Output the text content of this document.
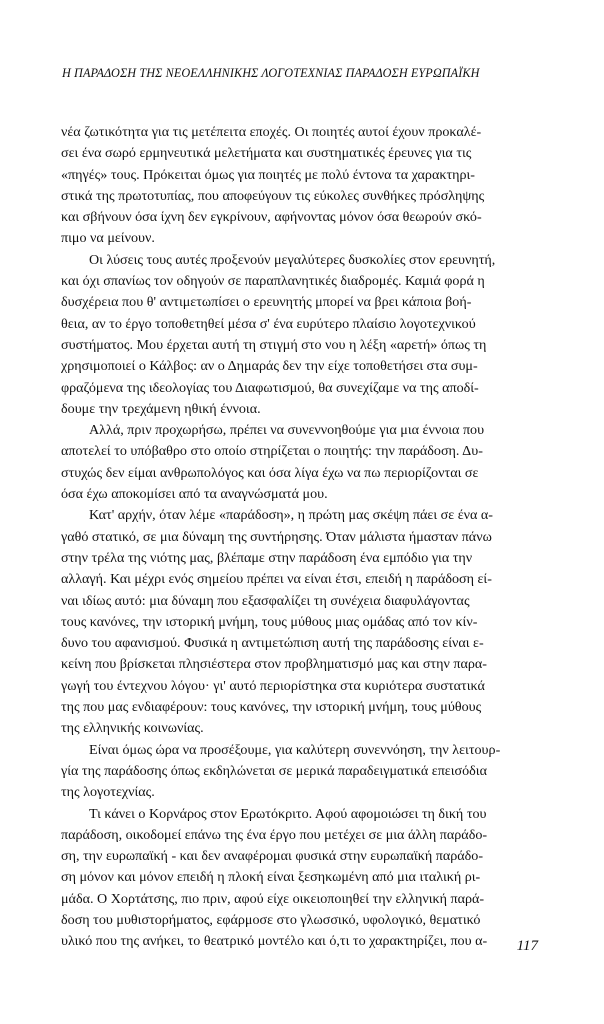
Η ΠΑΡΑΔΟΣΗ ΤΗΣ ΝΕΟΕΛΛΗΝΙΚΗΣ ΛΟΓΟΤΕΧΝΙΑΣ ΠΑΡΑΔΟΣΗ ΕΥΡΩΠΑΪΚΗ
νέα ζωτικότητα για τις μετέπειτα εποχές. Οι ποιητές αυτοί έχουν προκαλέ-
σει ένα σωρό ερμηνευτικά μελετήματα και συστηματικές έρευνες για τις
«πηγές» τους. Πρόκειται όμως για ποιητές με πολύ έντονα τα χαρακτηρι-
στικά της πρωτοτυπίας, που αποφεύγουν τις εύκολες συνθήκες πρόσληψης
και σβήνουν όσα ίχνη δεν εγκρίνουν, αφήνοντας μόνον όσα θεωρούν σκό-
πιμο να μείνουν.
Οι λύσεις τους αυτές προξενούν μεγαλύτερες δυσκολίες στον ερευνητή,
και όχι σπανίως τον οδηγούν σε παραπλανητικές διαδρομές. Καμιά φορά η
δυσχέρεια που θ' αντιμετωπίσει ο ερευνητής μπορεί να βρει κάποια βοή-
θεια, αν το έργο τοποθετηθεί μέσα σ' ένα ευρύτερο πλαίσιο λογοτεχνικού
συστήματος. Μου έρχεται αυτή τη στιγμή στο νου η λέξη «αρετή» όπως τη
χρησιμοποιεί ο Κάλβος: αν ο Δημαράς δεν την είχε τοποθετήσει στα συμ-
φραζόμενα της ιδεολογίας του Διαφωτισμού, θα συνεχίζαμε να της αποδί-
δουμε την τρεχάμενη ηθική έννοια.
Αλλά, πριν προχωρήσω, πρέπει να συνεννοηθούμε για μια έννοια που
αποτελεί το υπόβαθρο στο οποίο στηρίζεται ο ποιητής: την παράδοση. Δυ-
στυχώς δεν είμαι ανθρωπολόγος και όσα λίγα έχω να πω περιορίζονται σε
όσα έχω αποκομίσει από τα αναγνώσματά μου.
Κατ' αρχήν, όταν λέμε «παράδοση», η πρώτη μας σκέψη πάει σε ένα α-
γαθό στατικό, σε μια δύναμη της συντήρησης. Όταν μάλιστα ήμασταν πάνω
στην τρέλα της νιότης μας, βλέπαμε στην παράδοση ένα εμπόδιο για την
αλλαγή. Και μέχρι ενός σημείου πρέπει να είναι έτσι, επειδή η παράδοση εί-
ναι ιδίως αυτό: μια δύναμη που εξασφαλίζει τη συνέχεια διαφυλάγοντας
τους κανόνες, την ιστορική μνήμη, τους μύθους μιας ομάδας από τον κίν-
δυνο του αφανισμού. Φυσικά η αντιμετώπιση αυτή της παράδοσης είναι ε-
κείνη που βρίσκεται πλησιέστερα στον προβληματισμό μας και στην παρα-
γωγή του έντεχνου λόγου· γι' αυτό περιορίστηκα στα κυριότερα συστατικά
της που μας ενδιαφέρουν: τους κανόνες, την ιστορική μνήμη, τους μύθους
της ελληνικής κοινωνίας.
Είναι όμως ώρα να προσέξουμε, για καλύτερη συνεννόηση, την λειτουρ-
γία της παράδοσης όπως εκδηλώνεται σε μερικά παραδειγματικά επεισόδια
της λογοτεχνίας.
Τι κάνει ο Κορνάρος στον Ερωτόκριτο. Αφού αφομοιώσει τη δική του
παράδοση, οικοδομεί επάνω της ένα έργο που μετέχει σε μια άλλη παράδο-
ση, την ευρωπαϊκή - και δεν αναφέρομαι φυσικά στην ευρωπαϊκή παράδο-
ση μόνον και μόνον επειδή η πλοκή είναι ξεσηκωμένη από μια ιταλική ρι-
μάδα. Ο Χορτάτσης, πιο πριν, αφού είχε οικειοποιηθεί την ελληνική παρά-
δοση του μυθιστορήματος, εφάρμοσε στο γλωσσικό, υφολογικό, θεματικό
υλικό που της ανήκει, το θεατρικό μοντέλο και ό,τι το χαρακτηρίζει, που α-	117
